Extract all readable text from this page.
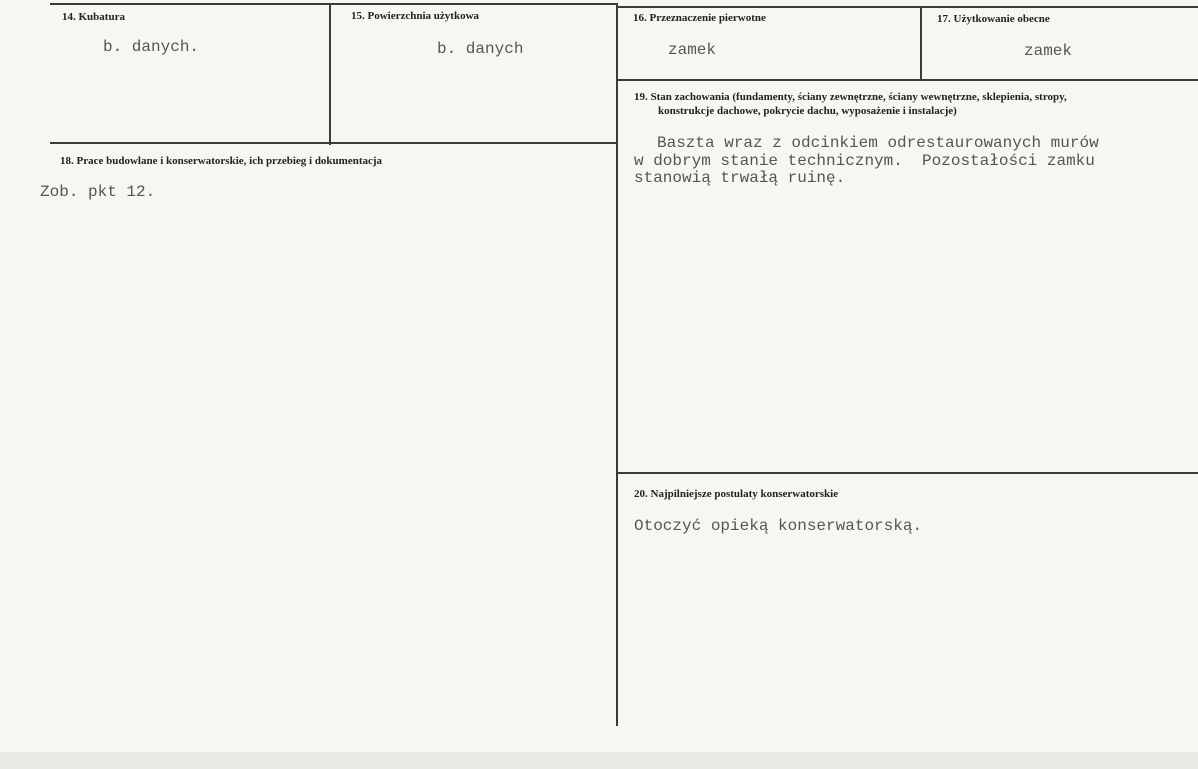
14. Kubatura
b. danych.
15. Powierzchnia użytkowa
b. danych
16. Przeznaczenie pierwotne
zamek
17. Użytkowanie obecne
zamek
18. Prace budowlane i konserwatorskie, ich przebieg i dokumentacja
Zob. pkt 12.
19. Stan zachowania (fundamenty, ściany zewnętrzne, ściany wewnętrzne, sklepienia, stropy,
konstrukcje dachowe, pokrycie dachu, wyposażenie i instalacje)
Baszta wraz z odcinkiem odrestaurowanych murów
w dobrym stanie technicznym.  Pozostałości zamku
stanowią trwałą ruinę.
20. Najpilniejsze postulaty konserwatorskie
Otoczyć opieką konserwatorską.
